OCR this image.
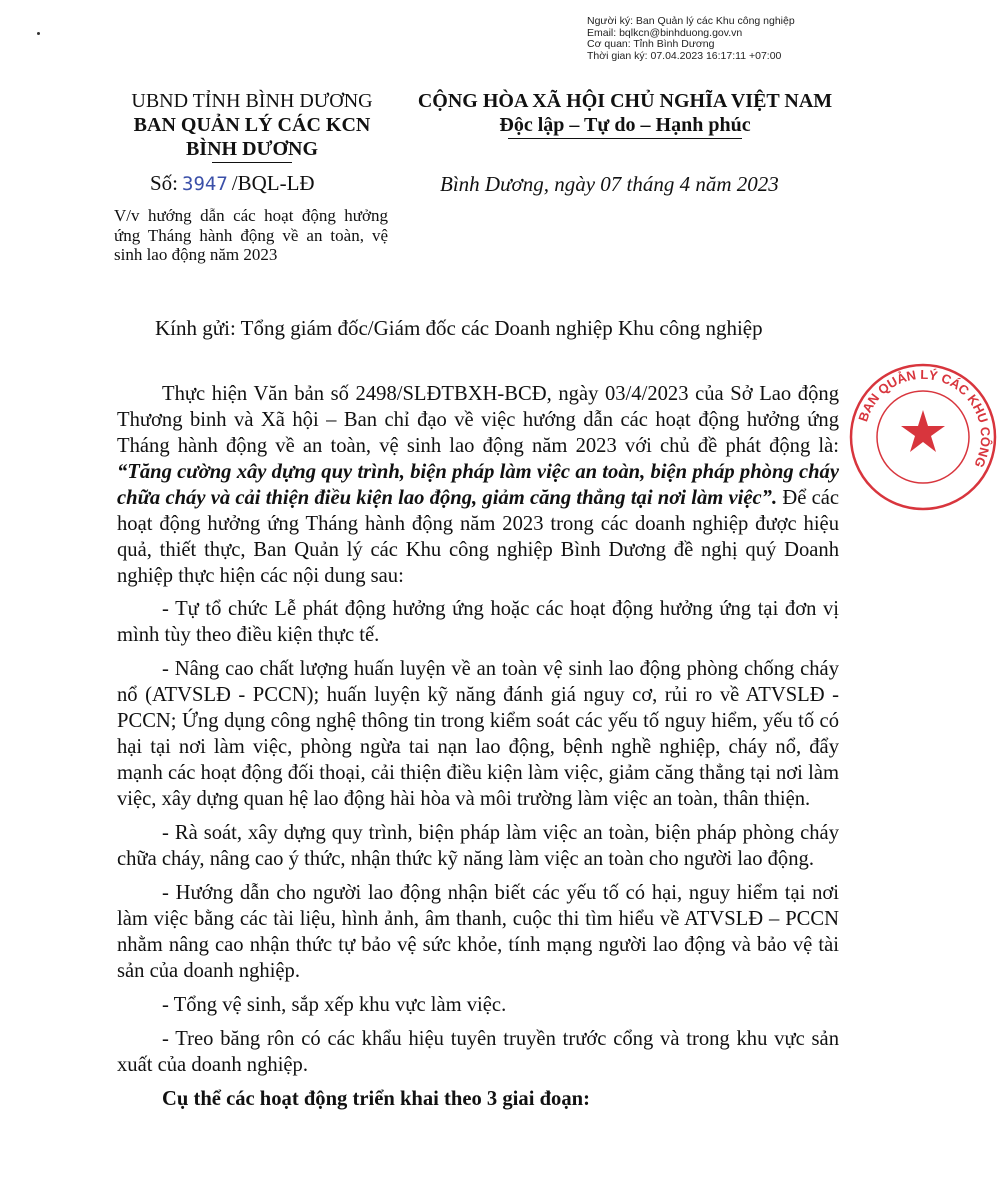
Người ký: Ban Quản lý các Khu công nghiệp
Email: bqlkcn@binhduong.gov.vn
Cơ quan: Tỉnh Bình Dương
Thời gian ký: 07.04.2023 16:17:11 +07:00
UBND TỈNH BÌNH DƯƠNG
BAN QUẢN LÝ CÁC KCN
BÌNH DƯƠNG
CỘNG HÒA XÃ HỘI CHỦ NGHĨA VIỆT NAM
Độc lập – Tự do – Hạnh phúc
Số: 3947 /BQL-LĐ	Bình Dương, ngày 07 tháng 4 năm 2023
V/v hướng dẫn các hoạt động hưởng ứng Tháng hành động về an toàn, vệ sinh lao động năm 2023
Kính gửi: Tổng giám đốc/Giám đốc các Doanh nghiệp Khu công nghiệp

Thực hiện Văn bản số 2498/SLĐTBXH-BCĐ, ngày 03/4/2023 của Sở Lao động Thương binh và Xã hội – Ban chỉ đạo về việc hướng dẫn các hoạt động hưởng ứng Tháng hành động về an toàn, vệ sinh lao động năm 2023 với chủ đề phát động là: “Tăng cường xây dựng quy trình, biện pháp làm việc an toàn, biện pháp phòng cháy chữa cháy và cải thiện điều kiện lao động, giảm căng thẳng tại nơi làm việc”. Để các hoạt động hưởng ứng Tháng hành động năm 2023 trong các doanh nghiệp được hiệu quả, thiết thực, Ban Quản lý các Khu công nghiệp Bình Dương đề nghị quý Doanh nghiệp thực hiện các nội dung sau:

- Tự tổ chức Lễ phát động hưởng ứng hoặc các hoạt động hưởng ứng tại đơn vị mình tùy theo điều kiện thực tế.

- Nâng cao chất lượng huấn luyện về an toàn vệ sinh lao động phòng chống cháy nổ (ATVSLĐ - PCCN); huấn luyện kỹ năng đánh giá nguy cơ, rủi ro về ATVSLĐ - PCCN; Ứng dụng công nghệ thông tin trong kiểm soát các yếu tố nguy hiểm, yếu tố có hại tại nơi làm việc, phòng ngừa tai nạn lao động, bệnh nghề nghiệp, cháy nổ, đẩy mạnh các hoạt động đối thoại, cải thiện điều kiện làm việc, giảm căng thẳng tại nơi làm việc, xây dựng quan hệ lao động hài hòa và môi trường làm việc an toàn, thân thiện.

- Rà soát, xây dựng quy trình, biện pháp làm việc an toàn, biện pháp phòng cháy chữa cháy, nâng cao ý thức, nhận thức kỹ năng làm việc an toàn cho người lao động.

- Hướng dẫn cho người lao động nhận biết các yếu tố có hại, nguy hiểm tại nơi làm việc bằng các tài liệu, hình ảnh, âm thanh, cuộc thi tìm hiểu về ATVSLĐ – PCCN nhằm nâng cao nhận thức tự bảo vệ sức khỏe, tính mạng người lao động và bảo vệ tài sản của doanh nghiệp.

- Tổng vệ sinh, sắp xếp khu vực làm việc.

- Treo băng rôn có các khẩu hiệu tuyên truyền trước cổng và trong khu vực sản xuất của doanh nghiệp.

Cụ thể các hoạt động triển khai theo 3 giai đoạn:

BAN QUẢN LÝ CÁC KHU CÔNG
